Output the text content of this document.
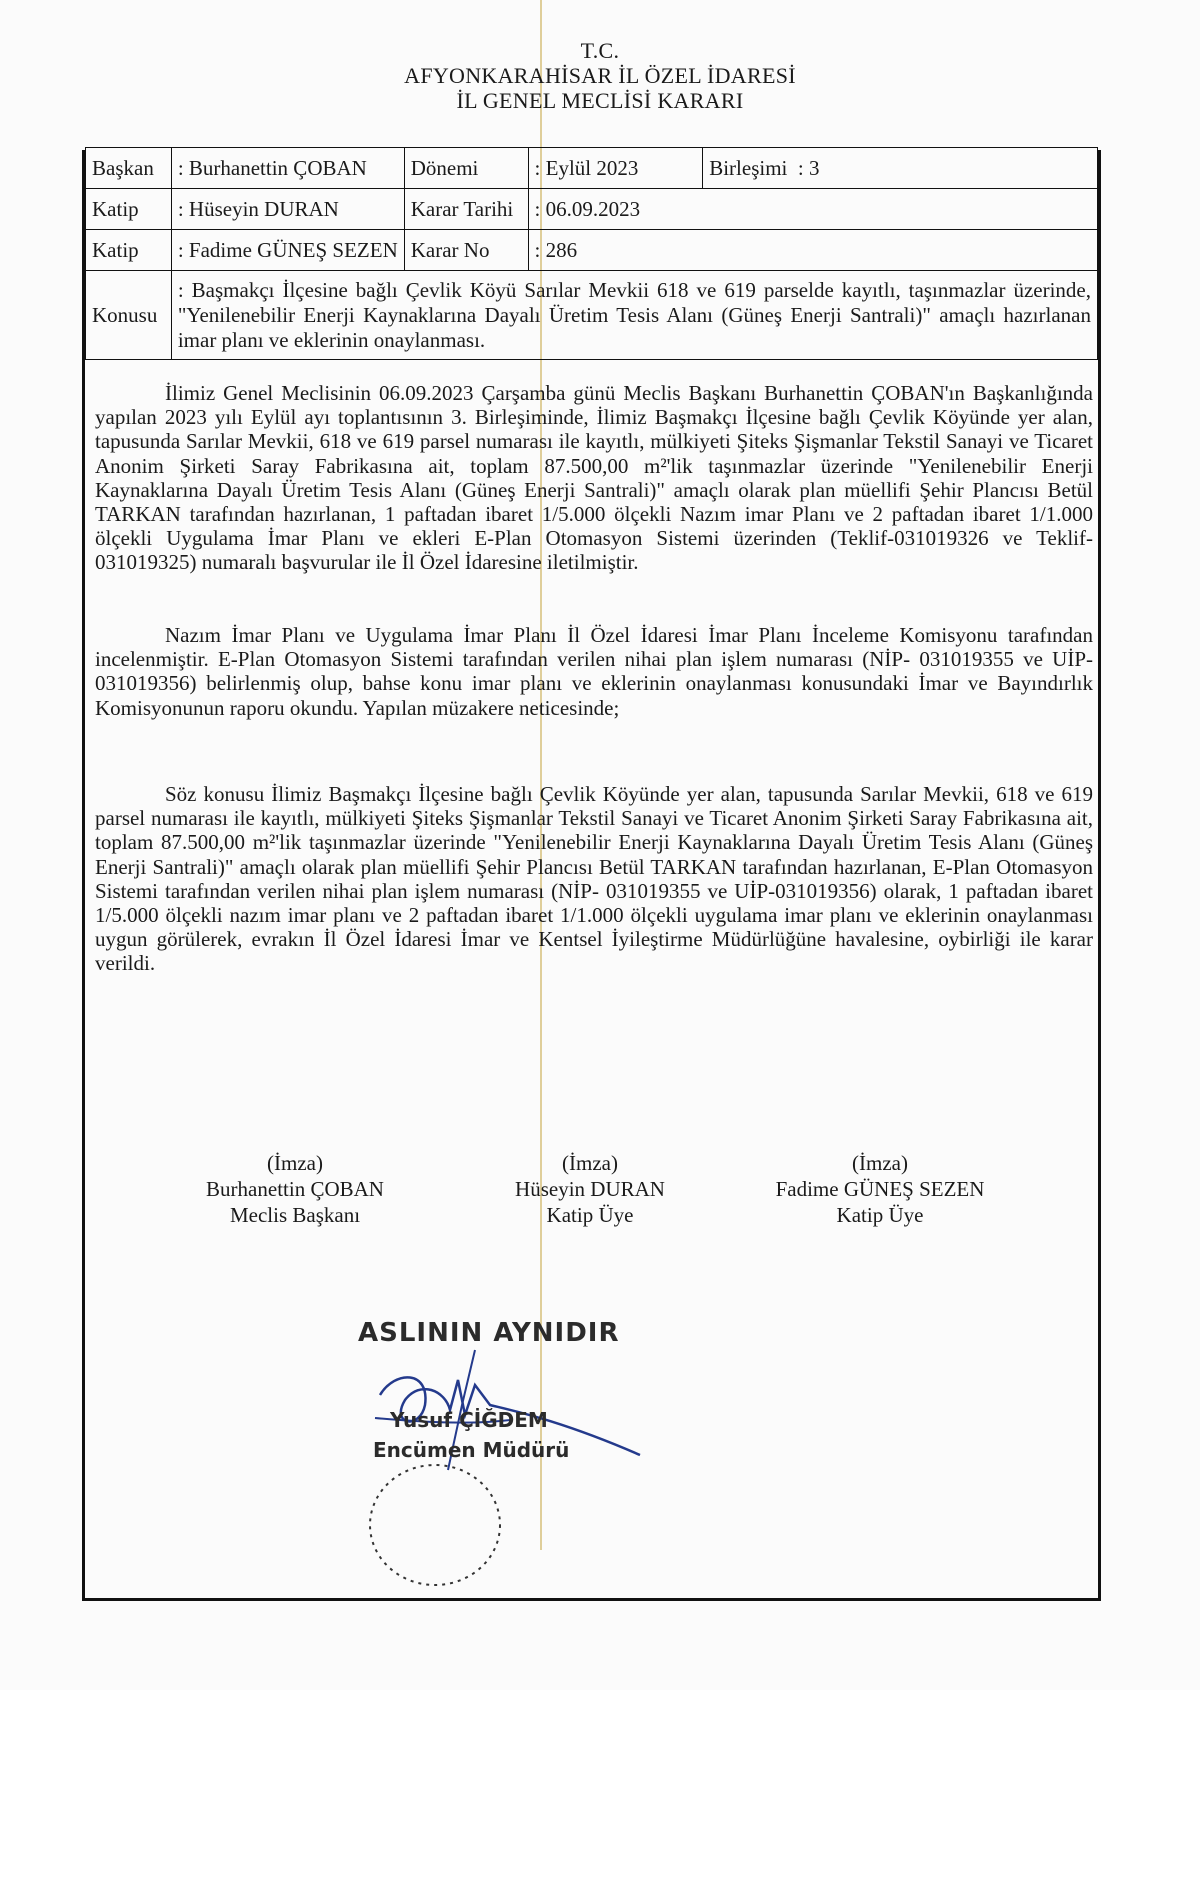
T.C.
AFYONKARAHİSAR İL ÖZEL İDARESİ
İL GENEL MECLİSİ KARARI
Başkan	: Burhanettin ÇOBAN	Dönemi	: Eylül 2023	Birleşimi : 3
Katip	: Hüseyin DURAN	Karar Tarihi	: 06.09.2023	
Katip	: Fadime GÜNEŞ SEZEN	Karar No	: 286	
Konusu	: Başmakçı İlçesine bağlı Çevlik Köyü Sarılar Mevkii 618 ve 619 parselde kayıtlı, taşınmazlar üzerinde, "Yenilenebilir Enerji Kaynaklarına Dayalı Üretim Tesis Alanı (Güneş Enerji Santrali)" amaçlı hazırlanan imar planı ve eklerinin onaylanması.			

İlimiz Genel Meclisinin 06.09.2023 Çarşamba günü Meclis Başkanı Burhanettin ÇOBAN'ın Başkanlığında yapılan 2023 yılı Eylül ayı toplantısının 3. Birleşiminde, İlimiz Başmakçı İlçesine bağlı Çevlik Köyünde yer alan, tapusunda Sarılar Mevkii, 618 ve 619 parsel numarası ile kayıtlı, mülkiyeti Şiteks Şişmanlar Tekstil Sanayi ve Ticaret Anonim Şirketi Saray Fabrikasına ait, toplam 87.500,00 m²'lik taşınmazlar üzerinde "Yenilenebilir Enerji Kaynaklarına Dayalı Üretim Tesis Alanı (Güneş Enerji Santrali)" amaçlı olarak plan müellifi Şehir Plancısı Betül TARKAN tarafından hazırlanan, 1 paftadan ibaret 1/5.000 ölçekli Nazım imar Planı ve 2 paftadan ibaret 1/1.000 ölçekli Uygulama İmar Planı ve ekleri E-Plan Otomasyon Sistemi üzerinden (Teklif-031019326 ve Teklif- 031019325) numaralı başvurular ile İl Özel İdaresine iletilmiştir.

Nazım İmar Planı ve Uygulama İmar Planı İl Özel İdaresi İmar Planı İnceleme Komisyonu tarafından incelenmiştir. E-Plan Otomasyon Sistemi tarafından verilen nihai plan işlem numarası (NİP- 031019355 ve UİP-031019356) belirlenmiş olup, bahse konu imar planı ve eklerinin onaylanması konusundaki İmar ve Bayındırlık Komisyonunun raporu okundu. Yapılan müzakere neticesinde;

Söz konusu İlimiz Başmakçı İlçesine bağlı Çevlik Köyünde yer alan, tapusunda Sarılar Mevkii, 618 ve 619 parsel numarası ile kayıtlı, mülkiyeti Şiteks Şişmanlar Tekstil Sanayi ve Ticaret Anonim Şirketi Saray Fabrikasına ait, toplam 87.500,00 m²'lik taşınmazlar üzerinde "Yenilenebilir Enerji Kaynaklarına Dayalı Üretim Tesis Alanı (Güneş Enerji Santrali)" amaçlı olarak plan müellifi Şehir Plancısı Betül TARKAN tarafından hazırlanan, E-Plan Otomasyon Sistemi tarafından verilen nihai plan işlem numarası (NİP- 031019355 ve UİP-031019356) olarak, 1 paftadan ibaret 1/5.000 ölçekli nazım imar planı ve 2 paftadan ibaret 1/1.000 ölçekli uygulama imar planı ve eklerinin onaylanması uygun görülerek, evrakın İl Özel İdaresi İmar ve Kentsel İyileştirme Müdürlüğüne havalesine, oybirliği ile karar verildi.

(İmza)
Burhanettin ÇOBAN
Meclis Başkanı
(İmza)
Hüseyin DURAN
Katip Üye
(İmza)
Fadime GÜNEŞ SEZEN
Katip Üye
ASLININ AYNIDIR
Yusuf ÇİĞDEM
Encümen Müdürü
